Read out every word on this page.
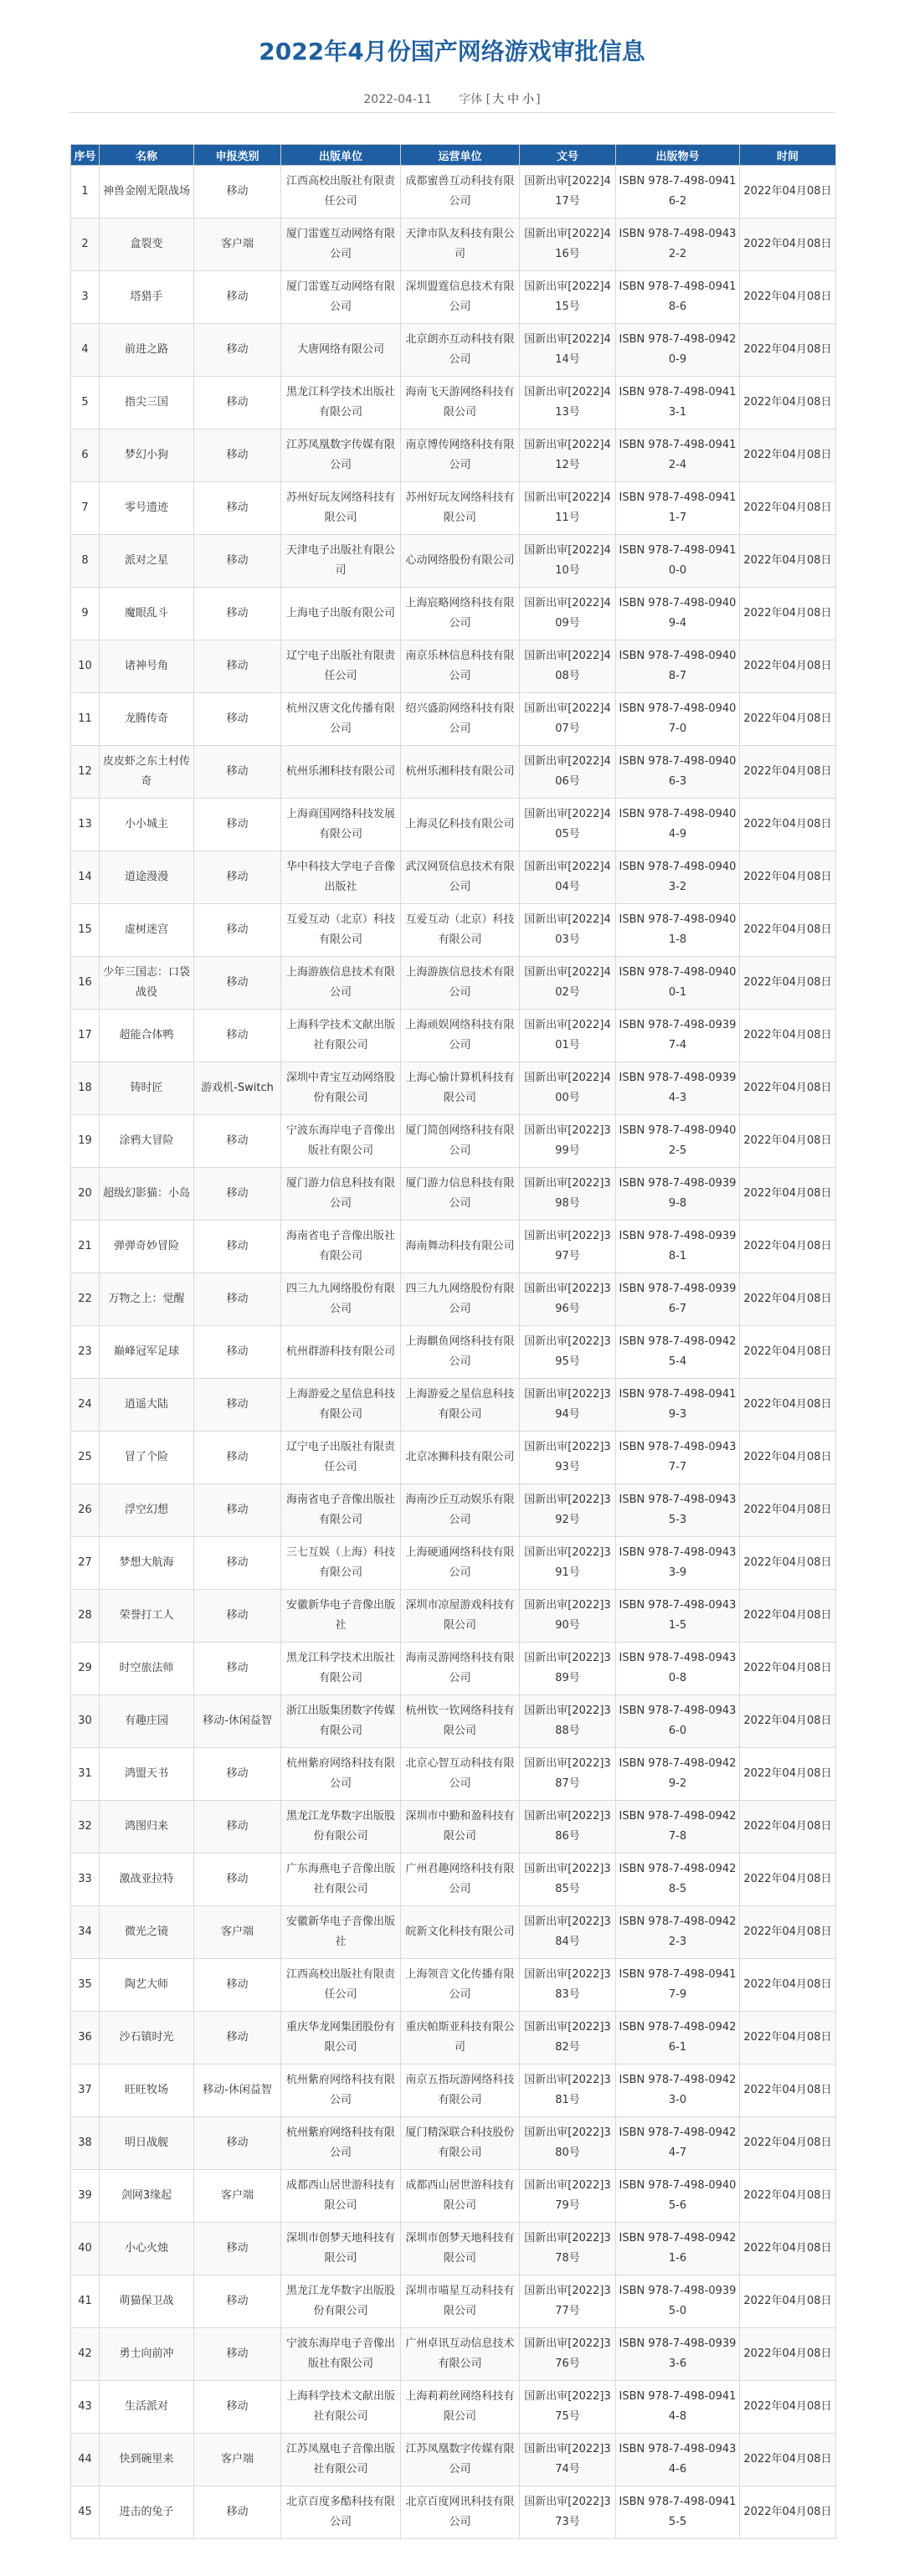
2022年4月份国产网络游戏审批信息
2022-04-11 字体 [ 大 中 小 ]
序号	名称	申报类别	出版单位	运营单位	文号	出版物号	时间
1	神兽金刚无限战场	移动	江西高校出版社有限责任公司	成都蜜兽互动科技有限公司	国新出审[2022]417号	ISBN 978-7-498-09416-2	2022年04月08日
2	盒裂变	客户端	厦门雷霆互动网络有限公司	天津市队友科技有限公司	国新出审[2022]416号	ISBN 978-7-498-09432-2	2022年04月08日
3	塔猎手	移动	厦门雷霆互动网络有限公司	深圳盟霆信息技术有限公司	国新出审[2022]415号	ISBN 978-7-498-09418-6	2022年04月08日
4	前进之路	移动	大唐网络有限公司	北京朗亦互动科技有限公司	国新出审[2022]414号	ISBN 978-7-498-09420-9	2022年04月08日
5	指尖三国	移动	黑龙江科学技术出版社有限公司	海南飞天游网络科技有限公司	国新出审[2022]413号	ISBN 978-7-498-09413-1	2022年04月08日
6	梦幻小狗	移动	江苏凤凰数字传媒有限公司	南京博传网络科技有限公司	国新出审[2022]412号	ISBN 978-7-498-09412-4	2022年04月08日
7	零号遗迹	移动	苏州好玩友网络科技有限公司	苏州好玩友网络科技有限公司	国新出审[2022]411号	ISBN 978-7-498-09411-7	2022年04月08日
8	派对之星	移动	天津电子出版社有限公司	心动网络股份有限公司	国新出审[2022]410号	ISBN 978-7-498-09410-0	2022年04月08日
9	魔眼乱斗	移动	上海电子出版有限公司	上海宸略网络科技有限公司	国新出审[2022]409号	ISBN 978-7-498-09409-4	2022年04月08日
10	诸神号角	移动	辽宁电子出版社有限责任公司	南京乐林信息科技有限公司	国新出审[2022]408号	ISBN 978-7-498-09408-7	2022年04月08日
11	龙腾传奇	移动	杭州汉唐文化传播有限公司	绍兴盛韵网络科技有限公司	国新出审[2022]407号	ISBN 978-7-498-09407-0	2022年04月08日
12	皮皮虾之东土村传奇	移动	杭州乐湘科技有限公司	杭州乐湘科技有限公司	国新出审[2022]406号	ISBN 978-7-498-09406-3	2022年04月08日
13	小小城主	移动	上海商国网络科技发展有限公司	上海灵亿科技有限公司	国新出审[2022]405号	ISBN 978-7-498-09404-9	2022年04月08日
14	道途漫漫	移动	华中科技大学电子音像出版社	武汉网贤信息技术有限公司	国新出审[2022]404号	ISBN 978-7-498-09403-2	2022年04月08日
15	虚树迷宫	移动	互爱互动（北京）科技有限公司	互爱互动（北京）科技有限公司	国新出审[2022]403号	ISBN 978-7-498-09401-8	2022年04月08日
16	少年三国志：口袋战役	移动	上海游族信息技术有限公司	上海游族信息技术有限公司	国新出审[2022]402号	ISBN 978-7-498-09400-1	2022年04月08日
17	超能合体鸭	移动	上海科学技术文献出版社有限公司	上海顽娱网络科技有限公司	国新出审[2022]401号	ISBN 978-7-498-09397-4	2022年04月08日
18	铸时匠	游戏机-Switch	深圳中青宝互动网络股份有限公司	上海心愉计算机科技有限公司	国新出审[2022]400号	ISBN 978-7-498-09394-3	2022年04月08日
19	涂鸦大冒险	移动	宁波东海岸电子音像出版社有限公司	厦门简创网络科技有限公司	国新出审[2022]399号	ISBN 978-7-498-09402-5	2022年04月08日
20	超级幻影猫：小岛	移动	厦门游力信息科技有限公司	厦门游力信息科技有限公司	国新出审[2022]398号	ISBN 978-7-498-09399-8	2022年04月08日
21	弹弹奇妙冒险	移动	海南省电子音像出版社有限公司	海南舞动科技有限公司	国新出审[2022]397号	ISBN 978-7-498-09398-1	2022年04月08日
22	万物之上：觉醒	移动	四三九九网络股份有限公司	四三九九网络股份有限公司	国新出审[2022]396号	ISBN 978-7-498-09396-7	2022年04月08日
23	巅峰冠军足球	移动	杭州群游科技有限公司	上海麒鱼网络科技有限公司	国新出审[2022]395号	ISBN 978-7-498-09425-4	2022年04月08日
24	逍遥大陆	移动	上海游爱之星信息科技有限公司	上海游爱之星信息科技有限公司	国新出审[2022]394号	ISBN 978-7-498-09419-3	2022年04月08日
25	冒了个险	移动	辽宁电子出版社有限责任公司	北京冰狮科技有限公司	国新出审[2022]393号	ISBN 978-7-498-09437-7	2022年04月08日
26	浮空幻想	移动	海南省电子音像出版社有限公司	海南沙丘互动娱乐有限公司	国新出审[2022]392号	ISBN 978-7-498-09435-3	2022年04月08日
27	梦想大航海	移动	三七互娱（上海）科技有限公司	上海硬通网络科技有限公司	国新出审[2022]391号	ISBN 978-7-498-09433-9	2022年04月08日
28	荣誉打工人	移动	安徽新华电子音像出版社	深圳市凉屋游戏科技有限公司	国新出审[2022]390号	ISBN 978-7-498-09431-5	2022年04月08日
29	时空旅法师	移动	黑龙江科学技术出版社有限公司	海南灵游网络科技有限公司	国新出审[2022]389号	ISBN 978-7-498-09430-8	2022年04月08日
30	有趣庄园	移动-休闲益智	浙江出版集团数字传媒有限公司	杭州钦一钦网络科技有限公司	国新出审[2022]388号	ISBN 978-7-498-09436-0	2022年04月08日
31	鸿盟天书	移动	杭州紫府网络科技有限公司	北京心智互动科技有限公司	国新出审[2022]387号	ISBN 978-7-498-09429-2	2022年04月08日
32	鸿图归来	移动	黑龙江龙华数字出版股份有限公司	深圳市中勤和盈科技有限公司	国新出审[2022]386号	ISBN 978-7-498-09427-8	2022年04月08日
33	激战亚拉特	移动	广东海燕电子音像出版社有限公司	广州君趣网络科技有限公司	国新出审[2022]385号	ISBN 978-7-498-09428-5	2022年04月08日
34	微光之镜	客户端	安徽新华电子音像出版社	皖新文化科技有限公司	国新出审[2022]384号	ISBN 978-7-498-09422-3	2022年04月08日
35	陶艺大师	移动	江西高校出版社有限责任公司	上海领音文化传播有限公司	国新出审[2022]383号	ISBN 978-7-498-09417-9	2022年04月08日
36	沙石镇时光	移动	重庆华龙网集团股份有限公司	重庆帕斯亚科技有限公司	国新出审[2022]382号	ISBN 978-7-498-09426-1	2022年04月08日
37	旺旺牧场	移动-休闲益智	杭州紫府网络科技有限公司	南京五指玩游网络科技有限公司	国新出审[2022]381号	ISBN 978-7-498-09423-0	2022年04月08日
38	明日战舰	移动	杭州紫府网络科技有限公司	厦门精深联合科技股份有限公司	国新出审[2022]380号	ISBN 978-7-498-09424-7	2022年04月08日
39	剑网3缘起	客户端	成都西山居世游科技有限公司	成都西山居世游科技有限公司	国新出审[2022]379号	ISBN 978-7-498-09405-6	2022年04月08日
40	小心火烛	移动	深圳市创梦天地科技有限公司	深圳市创梦天地科技有限公司	国新出审[2022]378号	ISBN 978-7-498-09421-6	2022年04月08日
41	萌猫保卫战	移动	黑龙江龙华数字出版股份有限公司	深圳市喵星互动科技有限公司	国新出审[2022]377号	ISBN 978-7-498-09395-0	2022年04月08日
42	勇士向前冲	移动	宁波东海岸电子音像出版社有限公司	广州卓讯互动信息技术有限公司	国新出审[2022]376号	ISBN 978-7-498-09393-6	2022年04月08日
43	生活派对	移动	上海科学技术文献出版社有限公司	上海莉莉丝网络科技有限公司	国新出审[2022]375号	ISBN 978-7-498-09414-8	2022年04月08日
44	快到碗里来	客户端	江苏凤凰电子音像出版社有限公司	江苏凤凰数字传媒有限公司	国新出审[2022]374号	ISBN 978-7-498-09434-6	2022年04月08日
45	进击的兔子	移动	北京百度多酷科技有限公司	北京百度网讯科技有限公司	国新出审[2022]373号	ISBN 978-7-498-09415-5	2022年04月08日
